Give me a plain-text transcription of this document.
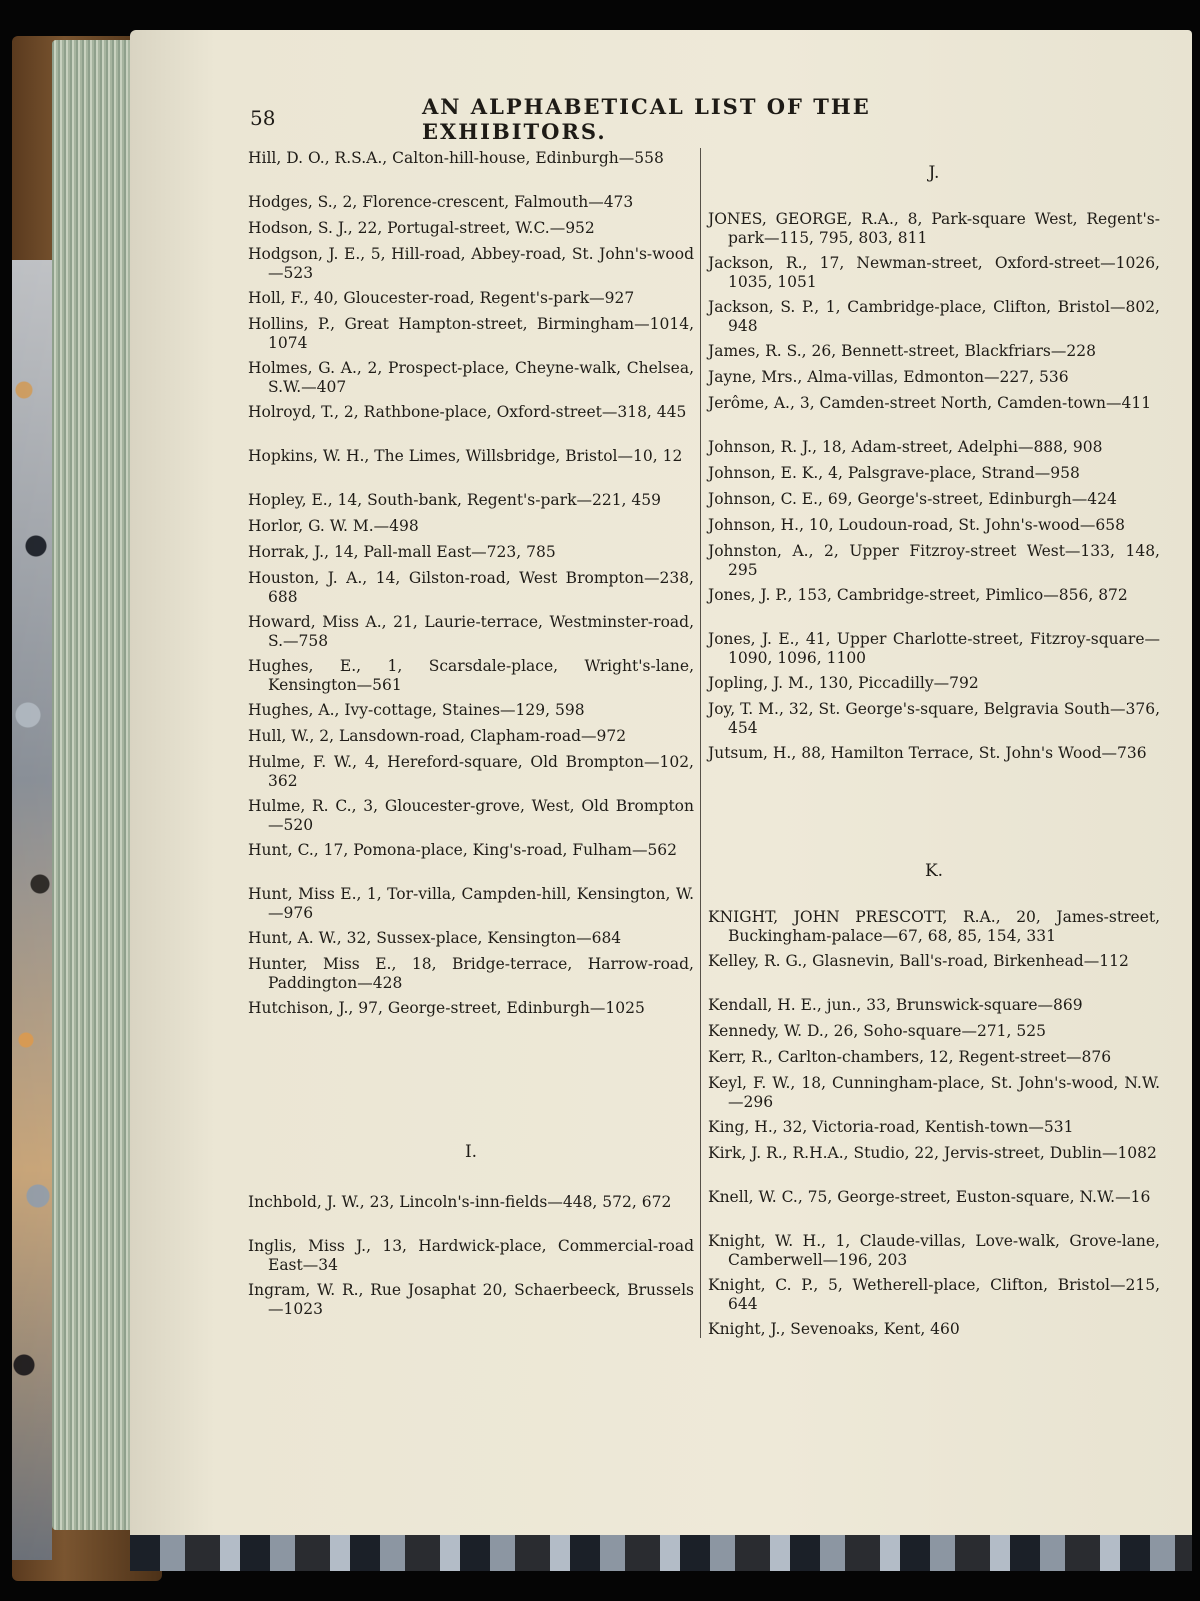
58	AN ALPHABETICAL LIST OF THE EXHIBITORS.
Hill, D. O., R.S.A., Calton-hill-house, Edinburgh—558
Hodges, S., 2, Florence-crescent, Falmouth—473
Hodson, S. J., 22, Portugal-street, W.C.—952
Hodgson, J. E., 5, Hill-road, Abbey-road, St. John's-wood—523
Holl, F., 40, Gloucester-road, Regent's-park—927
Hollins, P., Great Hampton-street, Birmingham—1014, 1074
Holmes, G. A., 2, Prospect-place, Cheyne-walk, Chelsea, S.W.—407
Holroyd, T., 2, Rathbone-place, Oxford-street—318, 445
Hopkins, W. H., The Limes, Willsbridge, Bristol—10, 12
Hopley, E., 14, South-bank, Regent's-park—221, 459
Horlor, G. W. M.—498
Horrak, J., 14, Pall-mall East—723, 785
Houston, J. A., 14, Gilston-road, West Brompton—238, 688
Howard, Miss A., 21, Laurie-terrace, Westminster-road, S.—758
Hughes, E., 1, Scarsdale-place, Wright's-lane, Kensington—561
Hughes, A., Ivy-cottage, Staines—129, 598
Hull, W., 2, Lansdown-road, Clapham-road—972
Hulme, F. W., 4, Hereford-square, Old Brompton—102, 362
Hulme, R. C., 3, Gloucester-grove, West, Old Brompton—520
Hunt, C., 17, Pomona-place, King's-road, Fulham—562
Hunt, Miss E., 1, Tor-villa, Campden-hill, Kensington, W.—976
Hunt, A. W., 32, Sussex-place, Kensington—684
Hunter, Miss E., 18, Bridge-terrace, Harrow-road, Paddington—428
Hutchison, J., 97, George-street, Edinburgh—1025
I.
Inchbold, J. W., 23, Lincoln's-inn-fields—448, 572, 672
Inglis, Miss J., 13, Hardwick-place, Commercial-road East—34
Ingram, W. R., Rue Josaphat 20, Schaerbeeck, Brussels—1023
J.
JONES, GEORGE, R.A., 8, Park-square West, Regent's-park—115, 795, 803, 811
Jackson, R., 17, Newman-street, Oxford-street—1026, 1035, 1051
Jackson, S. P., 1, Cambridge-place, Clifton, Bristol—802, 948
James, R. S., 26, Bennett-street, Blackfriars—228
Jayne, Mrs., Alma-villas, Edmonton—227, 536
Jerôme, A., 3, Camden-street North, Camden-town—411
Johnson, R. J., 18, Adam-street, Adelphi—888, 908
Johnson, E. K., 4, Palsgrave-place, Strand—958
Johnson, C. E., 69, George's-street, Edinburgh—424
Johnson, H., 10, Loudoun-road, St. John's-wood—658
Johnston, A., 2, Upper Fitzroy-street West—133, 148, 295
Jones, J. P., 153, Cambridge-street, Pimlico—856, 872
Jones, J. E., 41, Upper Charlotte-street, Fitzroy-square—1090, 1096, 1100
Jopling, J. M., 130, Piccadilly—792
Joy, T. M., 32, St. George's-square, Belgravia South—376, 454
Jutsum, H., 88, Hamilton Terrace, St. John's Wood—736
K.
KNIGHT, JOHN PRESCOTT, R.A., 20, James-street, Buckingham-palace—67, 68, 85, 154, 331
Kelley, R. G., Glasnevin, Ball's-road, Birkenhead—112
Kendall, H. E., jun., 33, Brunswick-square—869
Kennedy, W. D., 26, Soho-square—271, 525
Kerr, R., Carlton-chambers, 12, Regent-street—876
Keyl, F. W., 18, Cunningham-place, St. John's-wood, N.W.—296
King, H., 32, Victoria-road, Kentish-town—531
Kirk, J. R., R.H.A., Studio, 22, Jervis-street, Dublin—1082
Knell, W. C., 75, George-street, Euston-square, N.W.—16
Knight, W. H., 1, Claude-villas, Love-walk, Grove-lane, Camberwell—196, 203
Knight, C. P., 5, Wetherell-place, Clifton, Bristol—215, 644
Knight, J., Sevenoaks, Kent, 460
